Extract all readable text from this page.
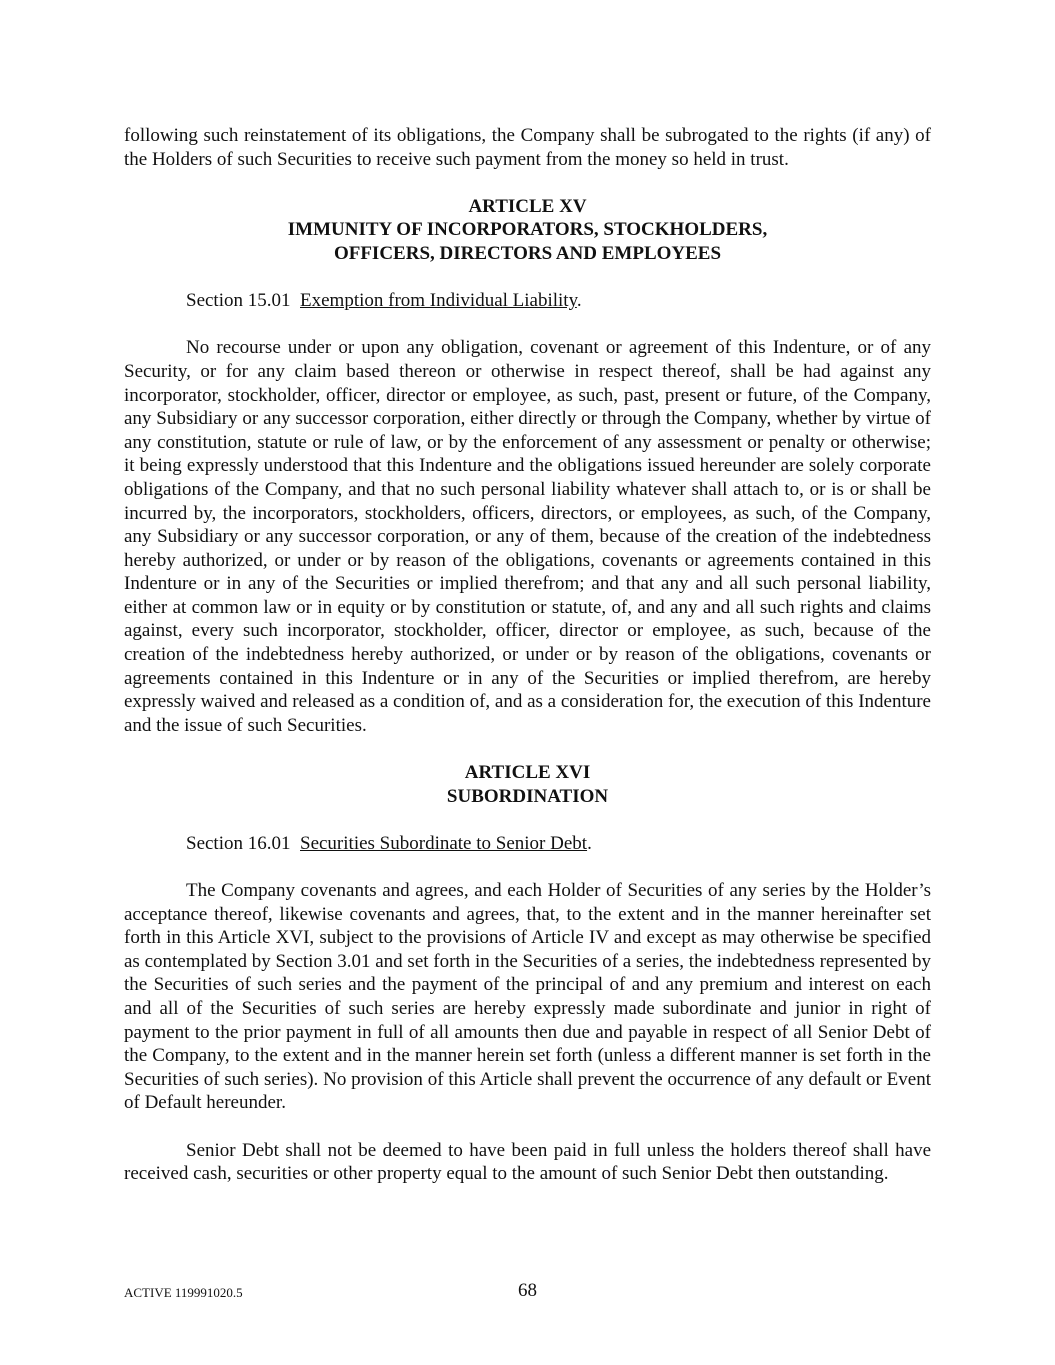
following such reinstatement of its obligations, the Company shall be subrogated to the rights (if any) of the Holders of such Securities to receive such payment from the money so held in trust.

ARTICLE XV
IMMUNITY OF INCORPORATORS, STOCKHOLDERS,
OFFICERS, DIRECTORS AND EMPLOYEES

Section 15.01 Exemption from Individual Liability.

No recourse under or upon any obligation, covenant or agreement of this Indenture, or of any Security, or for any claim based thereon or otherwise in respect thereof, shall be had against any incorporator, stockholder, officer, director or employee, as such, past, present or future, of the Company, any Subsidiary or any successor corporation, either directly or through the Company, whether by virtue of any constitution, statute or rule of law, or by the enforcement of any assessment or penalty or otherwise; it being expressly understood that this Indenture and the obligations issued hereunder are solely corporate obligations of the Company, and that no such personal liability whatever shall attach to, or is or shall be incurred by, the incorporators, stockholders, officers, directors, or employees, as such, of the Company, any Subsidiary or any successor corporation, or any of them, because of the creation of the indebtedness hereby authorized, or under or by reason of the obligations, covenants or agreements contained in this Indenture or in any of the Securities or implied therefrom; and that any and all such personal liability, either at common law or in equity or by constitution or statute, of, and any and all such rights and claims against, every such incorporator, stockholder, officer, director or employee, as such, because of the creation of the indebtedness hereby authorized, or under or by reason of the obligations, covenants or agreements contained in this Indenture or in any of the Securities or implied therefrom, are hereby expressly waived and released as a condition of, and as a consideration for, the execution of this Indenture and the issue of such Securities.

ARTICLE XVI
SUBORDINATION

Section 16.01 Securities Subordinate to Senior Debt.

The Company covenants and agrees, and each Holder of Securities of any series by the Holder’s acceptance thereof, likewise covenants and agrees, that, to the extent and in the manner hereinafter set forth in this Article XVI, subject to the provisions of Article IV and except as may otherwise be specified as contemplated by Section 3.01 and set forth in the Securities of a series, the indebtedness represented by the Securities of such series and the payment of the principal of and any premium and interest on each and all of the Securities of such series are hereby expressly made subordinate and junior in right of payment to the prior payment in full of all amounts then due and payable in respect of all Senior Debt of the Company, to the extent and in the manner herein set forth (unless a different manner is set forth in the Securities of such series). No provision of this Article shall prevent the occurrence of any default or Event of Default hereunder.

Senior Debt shall not be deemed to have been paid in full unless the holders thereof shall have received cash, securities or other property equal to the amount of such Senior Debt then outstanding.

ACTIVE 119991020.5	68
